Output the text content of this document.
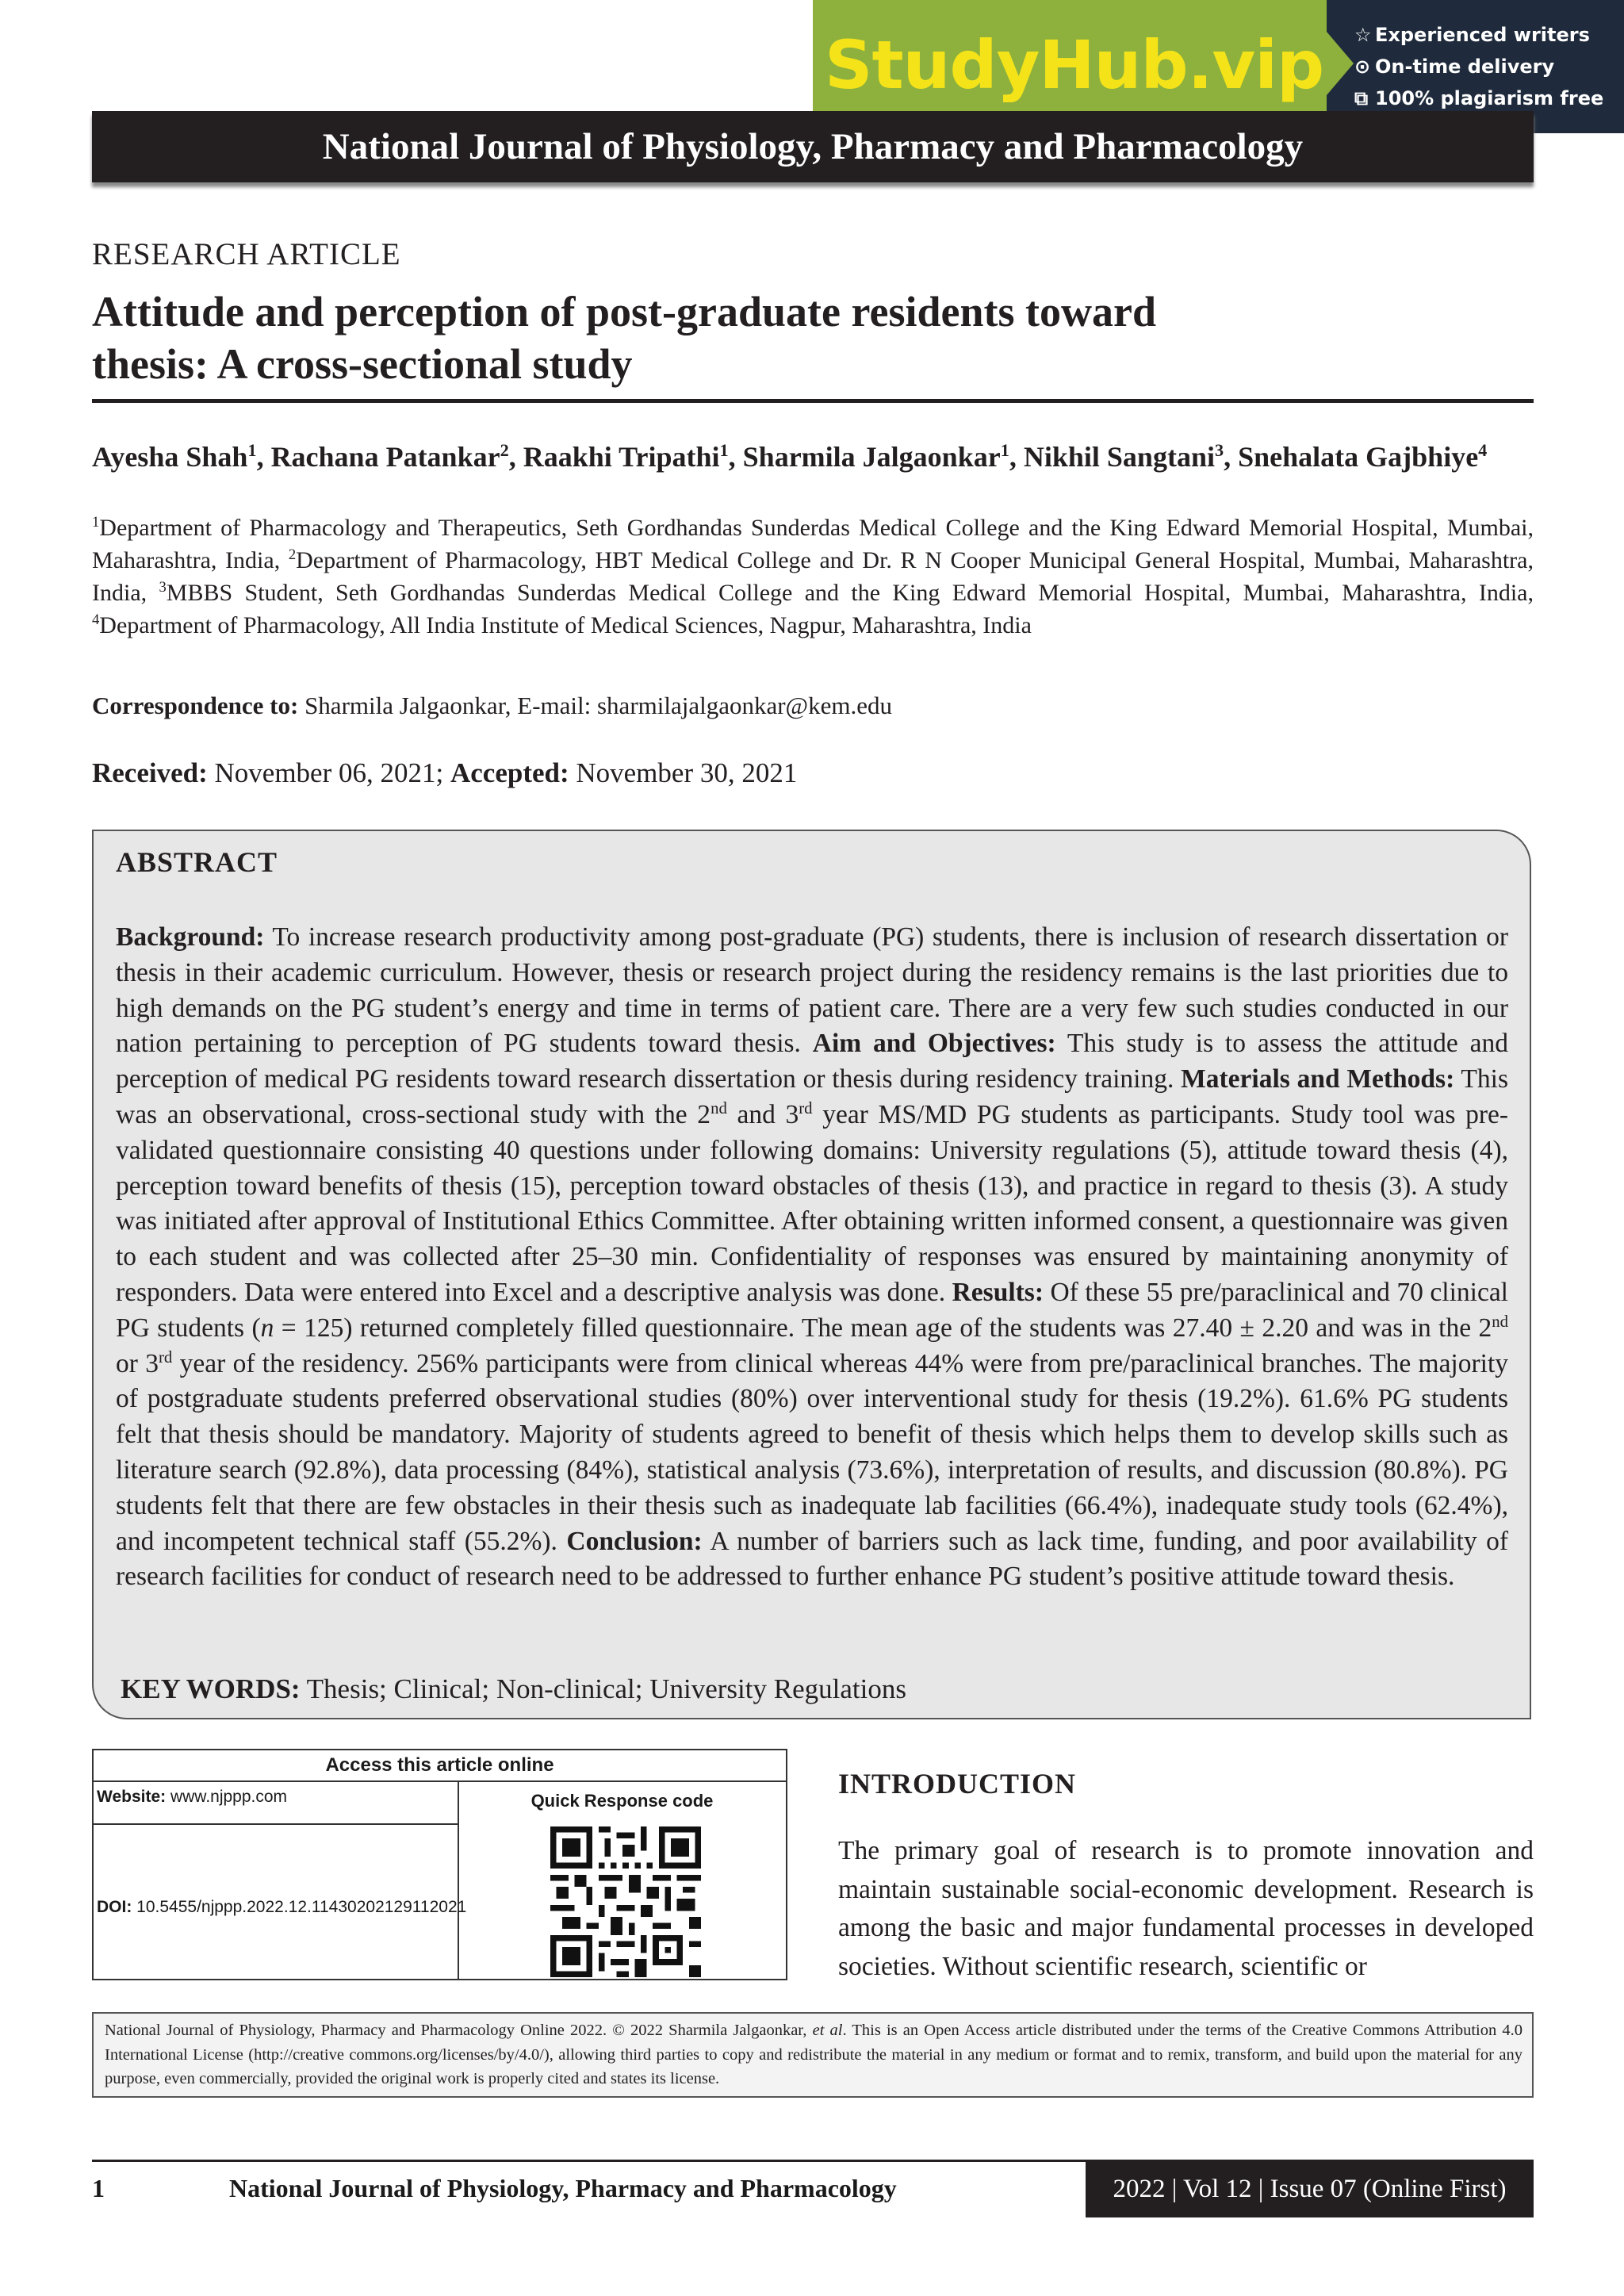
StudyHub.vip ☆ Experienced writers
⊙ On-time delivery
⧉ 100% plagiarism free
National Journal of Physiology, Pharmacy and Pharmacology
RESEARCH ARTICLE
Attitude and perception of post-graduate residents toward
thesis: A cross-sectional study
Ayesha Shah$^1$, Rachana Patankar$^2$, Raakhi Tripathi$^1$, Sharmila Jalgaonkar$^1$, Nikhil Sangtani$^3$, Snehalata Gajbhiye$^4$
$^1$Department of Pharmacology and Therapeutics, Seth Gordhandas Sunderdas Medical College and the King Edward Memorial Hospital, Mumbai, Maharashtra, India, $^2$Department of Pharmacology, HBT Medical College and Dr. R N Cooper Municipal General Hospital, Mumbai, Maharashtra, India, $^3$MBBS Student, Seth Gordhandas Sunderdas Medical College and the King Edward Memorial Hospital, Mumbai, Maharashtra, India, $^4$Department of Pharmacology, All India Institute of Medical Sciences, Nagpur, Maharashtra, India
Correspondence to: Sharmila Jalgaonkar, E-mail: sharmilajalgaonkar@kem.edu
Received: November 06, 2021; Accepted: November 30, 2021
ABSTRACT
Background: To increase research productivity among post-graduate (PG) students, there is inclusion of research dissertation or thesis in their academic curriculum. However, thesis or research project during the residency remains is the last priorities due to high demands on the PG student’s energy and time in terms of patient care. There are a very few such studies conducted in our nation pertaining to perception of PG students toward thesis. Aim and Objectives: This study is to assess the attitude and perception of medical PG residents toward research dissertation or thesis during residency training. Materials and Methods: This was an observational, cross-sectional study with the 2nd and 3rd year MS/MD PG students as participants. Study tool was pre-validated questionnaire consisting 40 questions under following domains: University regulations (5), attitude toward thesis (4), perception toward benefits of thesis (15), perception toward obstacles of thesis (13), and practice in regard to thesis (3). A study was initiated after approval of Institutional Ethics Committee. After obtaining written informed consent, a questionnaire was given to each student and was collected after 25–30 min. Confidentiality of responses was ensured by maintaining anonymity of responders. Data were entered into Excel and a descriptive analysis was done. Results: Of these 55 pre/paraclinical and 70 clinical PG students (n = 125) returned completely filled questionnaire. The mean age of the students was 27.40 ± 2.20 and was in the 2nd or 3rd year of the residency. 256% participants were from clinical whereas 44% were from pre/paraclinical branches. The majority of postgraduate students preferred observational studies (80%) over interventional study for thesis (19.2%). 61.6% PG students felt that thesis should be mandatory. Majority of students agreed to benefit of thesis which helps them to develop skills such as literature search (92.8%), data processing (84%), statistical analysis (73.6%), interpretation of results, and discussion (80.8%). PG students felt that there are few obstacles in their thesis such as inadequate lab facilities (66.4%), inadequate study tools (62.4%), and incompetent technical staff (55.2%). Conclusion: A number of barriers such as lack time, funding, and poor availability of research facilities for conduct of research need to be addressed to further enhance PG student’s positive attitude toward thesis.
KEY WORDS: Thesis; Clinical; Non-clinical; University Regulations
Access this article online
Website: www.njppp.com	Quick Response code
DOI: 10.5455/njppp.2022.12.11430202129112021
INTRODUCTION
The primary goal of research is to promote innovation and maintain sustainable social-economic development. Research is among the basic and major fundamental processes in developed societies. Without scientific research, scientific or
National Journal of Physiology, Pharmacy and Pharmacology Online 2022. © 2022 Sharmila Jalgaonkar, et al. This is an Open Access article distributed under the terms of the Creative Commons Attribution 4.0 International License (http://creative commons.org/licenses/by/4.0/), allowing third parties to copy and redistribute the material in any medium or format and to remix, transform, and build upon the material for any purpose, even commercially, provided the original work is properly cited and states its license.
1	National Journal of Physiology, Pharmacy and Pharmacology	2022 | Vol 12 | Issue 07 (Online First)
